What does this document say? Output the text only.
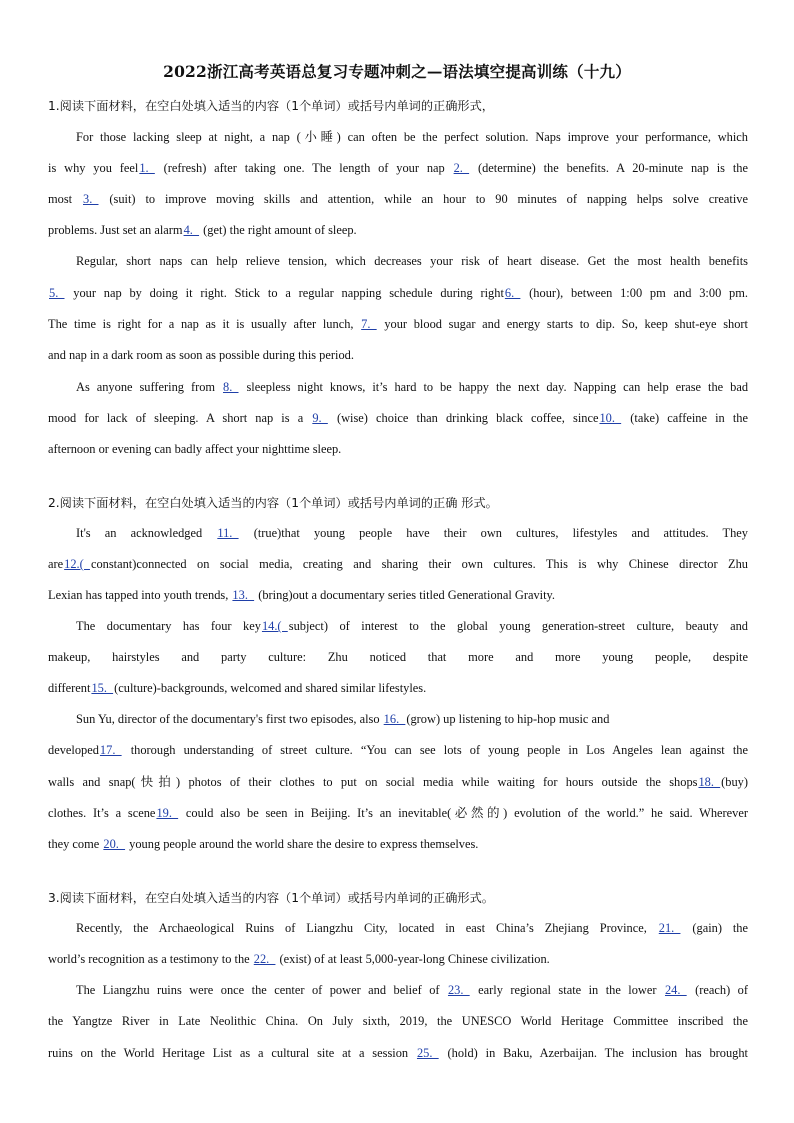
2022浙江高考英语总复习专题冲刺之—语法填空提高训练（十九）
1.阅读下面材料，在空白处填入适当的内容（1个单词）或括号内单词的正确形式，
For those lacking sleep at night, a nap (小睡) can often be the perfect solution. Naps improve your performance, which
is why you feel1.   (refresh) after taking one. The length of your nap 2.   (determine) the benefits. A 20-minute nap is the
most 3.   (suit) to improve moving skills and attention, while an hour to 90 minutes of napping helps solve creative
problems. Just set an alarm4.   (get) the right amount of sleep.
Regular, short naps can help relieve tension, which decreases your risk of heart disease. Get the most health benefits
5.   your nap by doing it right. Stick to a regular napping schedule during right6.   (hour), between 1:00 pm and 3:00 pm.
The time is right for a nap as it is usually after lunch, 7.   your blood sugar and energy starts to dip. So, keep shut-eye short
and nap in a dark room as soon as possible during this period.
As anyone suffering from 8.   sleepless night knows, it’s hard to be happy the next day. Napping can help erase the bad
mood for lack of sleeping. A short nap is a 9.   (wise) choice than drinking black coffee, since10.   (take) caffeine in the
afternoon or evening can badly affect your nighttime sleep.
2.阅读下面材料，在空白处填入适当的内容（1个单词）或括号内单词的正确 形式。
It's an acknowledged 11.   (true)that young people have their own cultures, lifestyles and attitudes. They
are12.(  constant)connected on social media, creating and sharing their own cultures. This is why Chinese director Zhu
Lexian has tapped into youth trends, 13.   (bring)out a documentary series titled Generational Gravity.
The documentary has four key14.(  subject) of interest to the global young generation-street culture, beauty and
makeup, hairstyles and party culture: Zhu noticed that more and more young people, despite
different15.  (culture)-backgrounds, welcomed and shared similar lifestyles.
Sun Yu, director of the documentary's first two episodes, also 16.  (grow) up listening to hip-hop music and
developed17.   thorough understanding of street culture. “You can see lots of young people in Los Angeles lean against the
walls and snap(快拍) photos of their clothes to put on social media while waiting for hours outside the shops18.  (buy)
clothes. It’s a scene19.   could also be seen in Beijing. It’s an inevitable(必然的) evolution of the world.” he said. Wherever
they come 20.   young people around the world share the desire to express themselves.
3.阅读下面材料，在空白处填入适当的内容（1个单词）或括号内单词的正确形式。
Recently, the Archaeological Ruins of Liangzhu City, located in east China’s Zhejiang Province, 21.   (gain) the
world’s recognition as a testimony to the 22.   (exist) of at least 5,000-year-long Chinese civilization.
The Liangzhu ruins were once the center of power and belief of 23.   early regional state in the lower 24.   (reach) of
the Yangtze River in Late Neolithic China. On July sixth, 2019, the UNESCO World Heritage Committee inscribed the
ruins on the World Heritage List as a cultural site at a session 25.   (hold) in Baku, Azerbaijan. The inclusion has brought
